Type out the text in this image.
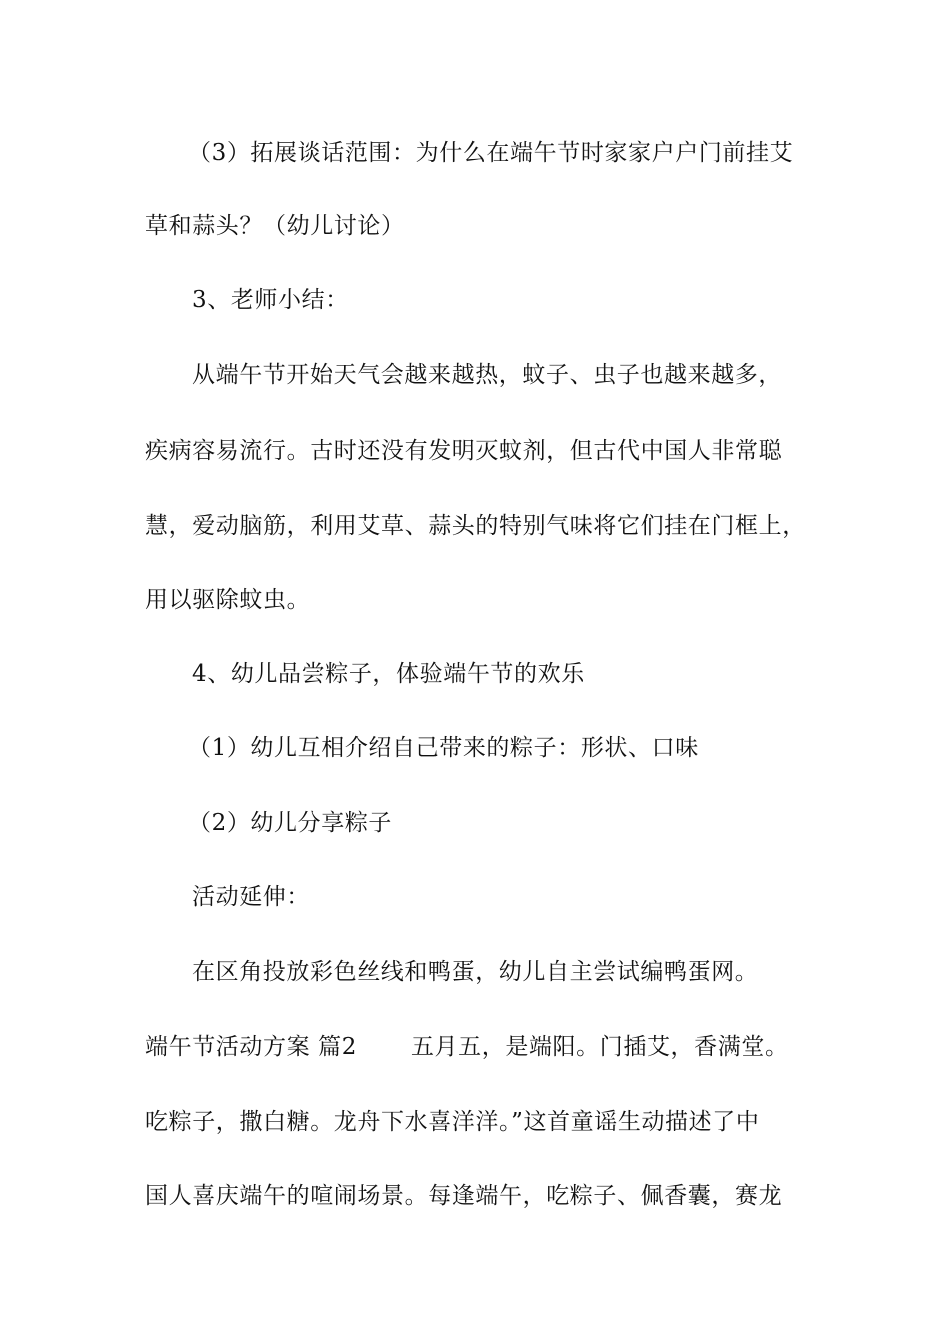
（3）拓展谈话范围：为什么在端午节时家家户户门前挂艾
草和蒜头？（幼儿讨论）
3、老师小结：
从端午节开始天气会越来越热，蚊子、虫子也越来越多，
疾病容易流行。古时还没有发明灭蚊剂，但古代中国人非常聪
慧，爱动脑筋，利用艾草、蒜头的特别气味将它们挂在门框上，
用以驱除蚊虫。
4、幼儿品尝粽子，体验端午节的欢乐
（1）幼儿互相介绍自己带来的粽子：形状、口味
（2）幼儿分享粽子
活动延伸：
在区角投放彩色丝线和鸭蛋，幼儿自主尝试编鸭蛋网。
端午节活动方案 篇2 五月五，是端阳。门插艾，香满堂。
吃粽子，撒白糖。龙舟下水喜洋洋。”这首童谣生动描述了中
国人喜庆端午的喧闹场景。每逢端午，吃粽子、佩香囊，赛龙
